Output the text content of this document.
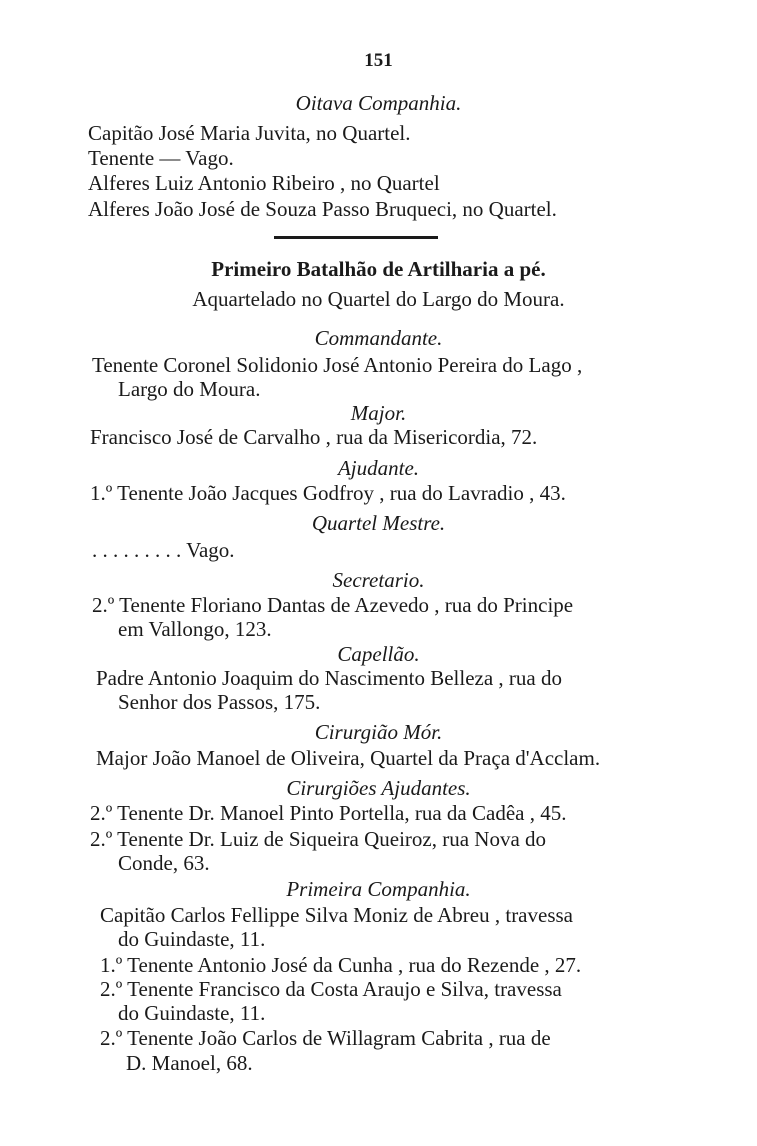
151
Oitava Companhia.
Capitão José Maria Juvita, no Quartel.
Tenente — Vago.
Alferes Luiz Antonio Ribeiro , no Quartel
Alferes João José de Souza Passo Bruqueci, no Quartel.
Primeiro Batalhão de Artilharia a pé.
Aquartelado no Quartel do Largo do Moura.
Commandante.
Tenente Coronel Solidonio José Antonio Pereira do Lago ,
Largo do Moura.
Major.
Francisco José de Carvalho , rua da Misericordia, 72.
Ajudante.
1.º Tenente João Jacques Godfroy , rua do Lavradio , 43.
Quartel Mestre.
. . . . . . . . . Vago.
Secretario.
2.º Tenente Floriano Dantas de Azevedo , rua do Principe
em Vallongo, 123.
Capellão.
Padre Antonio Joaquim do Nascimento Belleza , rua do
Senhor dos Passos, 175.
Cirurgião Mór.
Major João Manoel de Oliveira, Quartel da Praça d'Acclam.
Cirurgiões Ajudantes.
2.º Tenente Dr. Manoel Pinto Portella, rua da Cadêa , 45.
2.º Tenente Dr. Luiz de Siqueira Queiroz, rua Nova do
Conde, 63.
Primeira Companhia.
Capitão Carlos Fellippe Silva Moniz de Abreu , travessa
do Guindaste, 11.
1.º Tenente Antonio José da Cunha , rua do Rezende , 27.
2.º Tenente Francisco da Costa Araujo e Silva, travessa
do Guindaste, 11.
2.º Tenente João Carlos de Willagram Cabrita , rua de
D. Manoel, 68.
